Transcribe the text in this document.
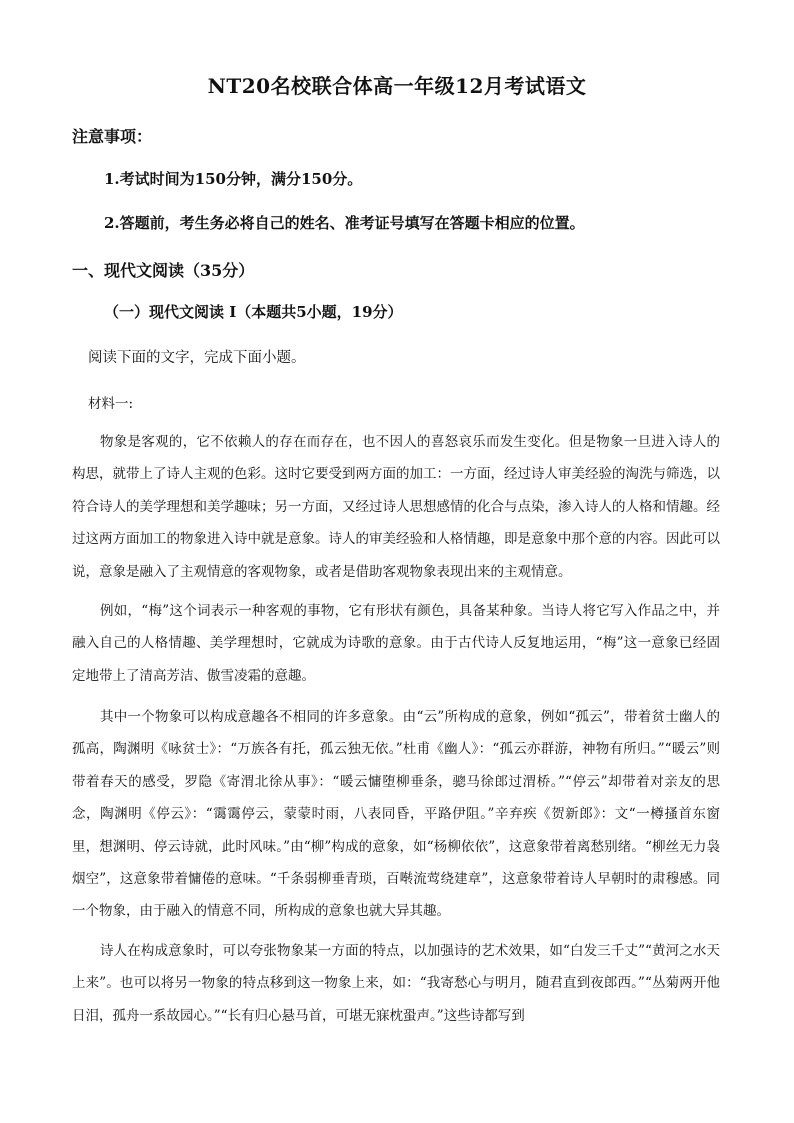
NT20名校联合体高一年级12月考试语文
注意事项：
1.考试时间为150分钟，满分150分。
2.答题前，考生务必将自己的姓名、准考证号填写在答题卡相应的位置。
一、现代文阅读（35分）
（一）现代文阅读 I（本题共5小题，19分）
阅读下面的文字，完成下面小题。
材料一:
物象是客观的，它不依赖人的存在而存在，也不因人的喜怒哀乐而发生变化。但是物象一旦进入诗人的构思，就带上了诗人主观的色彩。这时它要受到两方面的加工：一方面，经过诗人审美经验的淘洗与筛选，以符合诗人的美学理想和美学趣味；另一方面，又经过诗人思想感情的化合与点染，渗入诗人的人格和情趣。经过这两方面加工的物象进入诗中就是意象。诗人的审美经验和人格情趣，即是意象中那个意的内容。因此可以说，意象是融入了主观情意的客观物象，或者是借助客观物象表现出来的主观情意。
例如，“梅”这个词表示一种客观的事物，它有形状有颜色，具备某种象。当诗人将它写入作品之中，并融入自己的人格情趣、美学理想时，它就成为诗歌的意象。由于古代诗人反复地运用，“梅”这一意象已经固定地带上了清高芳洁、傲雪凌霜的意趣。
其中一个物象可以构成意趣各不相同的许多意象。由“云”所构成的意象，例如“孤云”，带着贫士幽人的孤高，陶渊明《咏贫士》：“万族各有托，孤云独无依。”杜甫《幽人》：“孤云亦群游，神物有所归。”“暖云”则带着春天的感受，罗隐《寄渭北徐从事》：“暖云慵堕柳垂条，骢马徐郎过渭桥。”“停云”却带着对亲友的思念，陶渊明《停云》：“霭霭停云，蒙蒙时雨，八表同昏，平路伊阻。”辛弃疾《贺新郎》：文“一樽搔首东窗里，想渊明、停云诗就，此时风味。”由“柳”构成的意象，如“杨柳依依”，这意象带着离愁别绪。“柳丝无力袅烟空”，这意象带着慵倦的意味。“千条弱柳垂青琐，百啭流莺绕建章”，这意象带着诗人早朝时的肃穆感。同一个物象，由于融入的情意不同，所构成的意象也就大异其趣。
诗人在构成意象时，可以夸张物象某一方面的特点，以加强诗的艺术效果，如“白发三千丈”“黄河之水天上来”。也可以将另一物象的特点移到这一物象上来，如：“我寄愁心与明月，随君直到夜郎西。”“丛菊两开他日泪，孤舟一系故园心。”“长有归心悬马首，可堪无寐枕蛩声。”这些诗都写到
